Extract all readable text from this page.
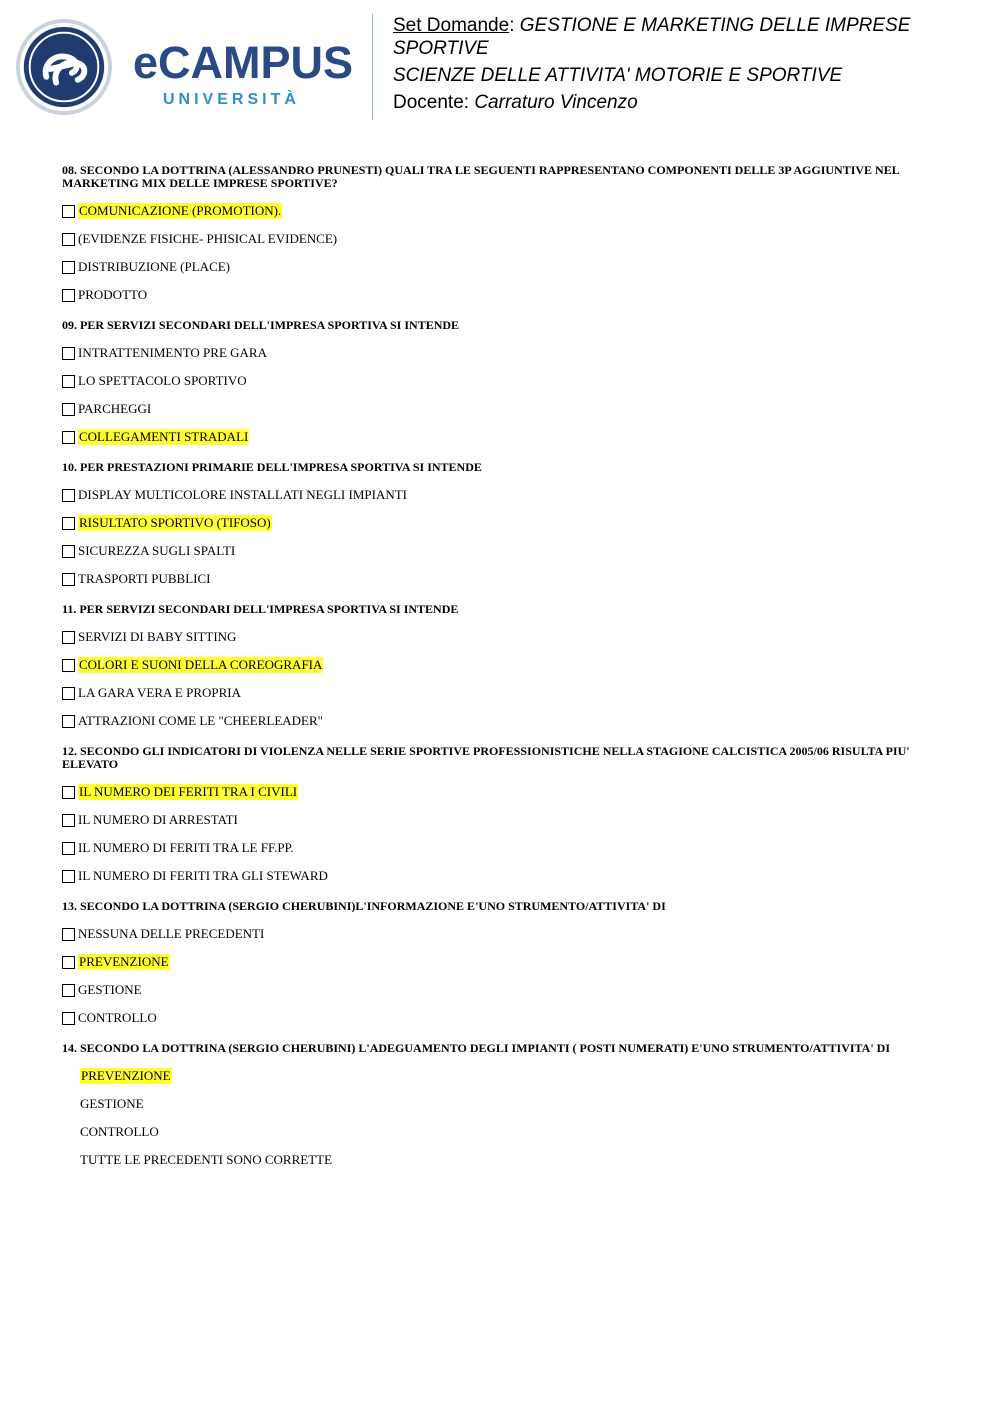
eCAMPUS
UNIVERSITÀ
Set Domande: GESTIONE E MARKETING DELLE IMPRESE SPORTIVE
SCIENZE DELLE ATTIVITA' MOTORIE E SPORTIVE
Docente: Carraturo Vincenzo
08. SECONDO LA DOTTRINA (ALESSANDRO PRUNESTI) QUALI TRA LE SEGUENTI RAPPRESENTANO COMPONENTI DELLE 3P AGGIUNTIVE NEL MARKETING MIX DELLE IMPRESE SPORTIVE?
COMUNICAZIONE (PROMOTION).
(EVIDENZE FISICHE- PHISICAL EVIDENCE)
DISTRIBUZIONE (PLACE)
PRODOTTO
09. PER SERVIZI SECONDARI DELL'IMPRESA SPORTIVA SI INTENDE
INTRATTENIMENTO PRE GARA
LO SPETTACOLO SPORTIVO
PARCHEGGI
COLLEGAMENTI STRADALI
10. PER PRESTAZIONI PRIMARIE DELL'IMPRESA SPORTIVA SI INTENDE
DISPLAY MULTICOLORE INSTALLATI NEGLI IMPIANTI
RISULTATO SPORTIVO (TIFOSO)
SICUREZZA SUGLI SPALTI
TRASPORTI PUBBLICI
11. PER SERVIZI SECONDARI DELL'IMPRESA SPORTIVA SI INTENDE
SERVIZI DI BABY SITTING
COLORI E SUONI DELLA COREOGRAFIA
LA GARA VERA E PROPRIA
ATTRAZIONI COME LE "CHEERLEADER"
12. SECONDO GLI INDICATORI DI VIOLENZA NELLE SERIE SPORTIVE PROFESSIONISTICHE NELLA STAGIONE CALCISTICA 2005/06 RISULTA PIU' ELEVATO
IL NUMERO DEI FERITI TRA I CIVILI
IL NUMERO DI ARRESTATI
IL NUMERO DI FERITI TRA LE FF.PP.
IL NUMERO DI FERITI TRA GLI STEWARD
13. SECONDO LA DOTTRINA (SERGIO CHERUBINI)L'INFORMAZIONE E'UNO STRUMENTO/ATTIVITA' DI
NESSUNA DELLE PRECEDENTI
PREVENZIONE
GESTIONE
CONTROLLO
14. SECONDO LA DOTTRINA (SERGIO CHERUBINI) L'ADEGUAMENTO DEGLI IMPIANTI ( POSTI NUMERATI) E'UNO STRUMENTO/ATTIVITA' DI
PREVENZIONE
GESTIONE
CONTROLLO
TUTTE LE PRECEDENTI SONO CORRETTE
